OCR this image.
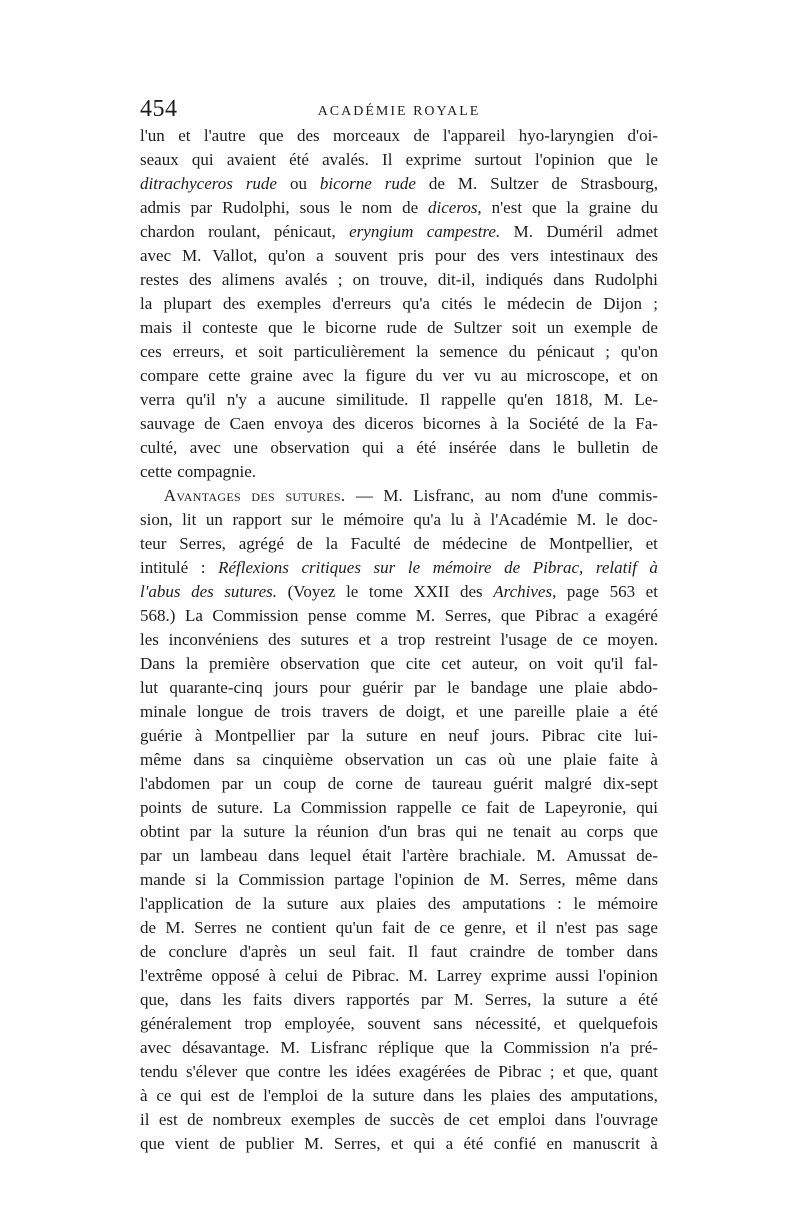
454	ACADÉMIE ROYALE
l'un et l'autre que des morceaux de l'appareil hyo-laryngien d'oi-
seaux qui avaient été avalés. Il exprime surtout l'opinion que le
ditrachyceros rude ou bicorne rude de M. Sultzer de Strasbourg,
admis par Rudolphi, sous le nom de diceros, n'est que la graine du
chardon roulant, pénicaut, eryngium campestre. M. Duméril admet
avec M. Vallot, qu'on a souvent pris pour des vers intestinaux des
restes des alimens avalés ; on trouve, dit-il, indiqués dans Rudolphi
la plupart des exemples d'erreurs qu'a cités le médecin de Dijon ;
mais il conteste que le bicorne rude de Sultzer soit un exemple de
ces erreurs, et soit particulièrement la semence du pénicaut ; qu'on
compare cette graine avec la figure du ver vu au microscope, et on
verra qu'il n'y a aucune similitude. Il rappelle qu'en 1818, M. Le-
sauvage de Caen envoya des diceros bicornes à la Société de la Fa-
culté, avec une observation qui a été insérée dans le bulletin de
cette compagnie.
Avantages des sutures. — M. Lisfranc, au nom d'une commis-
sion, lit un rapport sur le mémoire qu'a lu à l'Académie M. le doc-
teur Serres, agrégé de la Faculté de médecine de Montpellier, et
intitulé : Réflexions critiques sur le mémoire de Pibrac, relatif à
l'abus des sutures. (Voyez le tome XXII des Archives, page 563 et
568.) La Commission pense comme M. Serres, que Pibrac a exagéré
les inconvéniens des sutures et a trop restreint l'usage de ce moyen.
Dans la première observation que cite cet auteur, on voit qu'il fal-
lut quarante-cinq jours pour guérir par le bandage une plaie abdo-
minale longue de trois travers de doigt, et une pareille plaie a été
guérie à Montpellier par la suture en neuf jours. Pibrac cite lui-
même dans sa cinquième observation un cas où une plaie faite à
l'abdomen par un coup de corne de taureau guérit malgré dix-sept
points de suture. La Commission rappelle ce fait de Lapeyronie, qui
obtint par la suture la réunion d'un bras qui ne tenait au corps que
par un lambeau dans lequel était l'artère brachiale. M. Amussat de-
mande si la Commission partage l'opinion de M. Serres, même dans
l'application de la suture aux plaies des amputations : le mémoire
de M. Serres ne contient qu'un fait de ce genre, et il n'est pas sage
de conclure d'après un seul fait. Il faut craindre de tomber dans
l'extrême opposé à celui de Pibrac. M. Larrey exprime aussi l'opinion
que, dans les faits divers rapportés par M. Serres, la suture a été
généralement trop employée, souvent sans nécessité, et quelquefois
avec désavantage. M. Lisfranc réplique que la Commission n'a pré-
tendu s'élever que contre les idées exagérées de Pibrac ; et que, quant
à ce qui est de l'emploi de la suture dans les plaies des amputations,
il est de nombreux exemples de succès de cet emploi dans l'ouvrage
que vient de publier M. Serres, et qui a été confié en manuscrit à
